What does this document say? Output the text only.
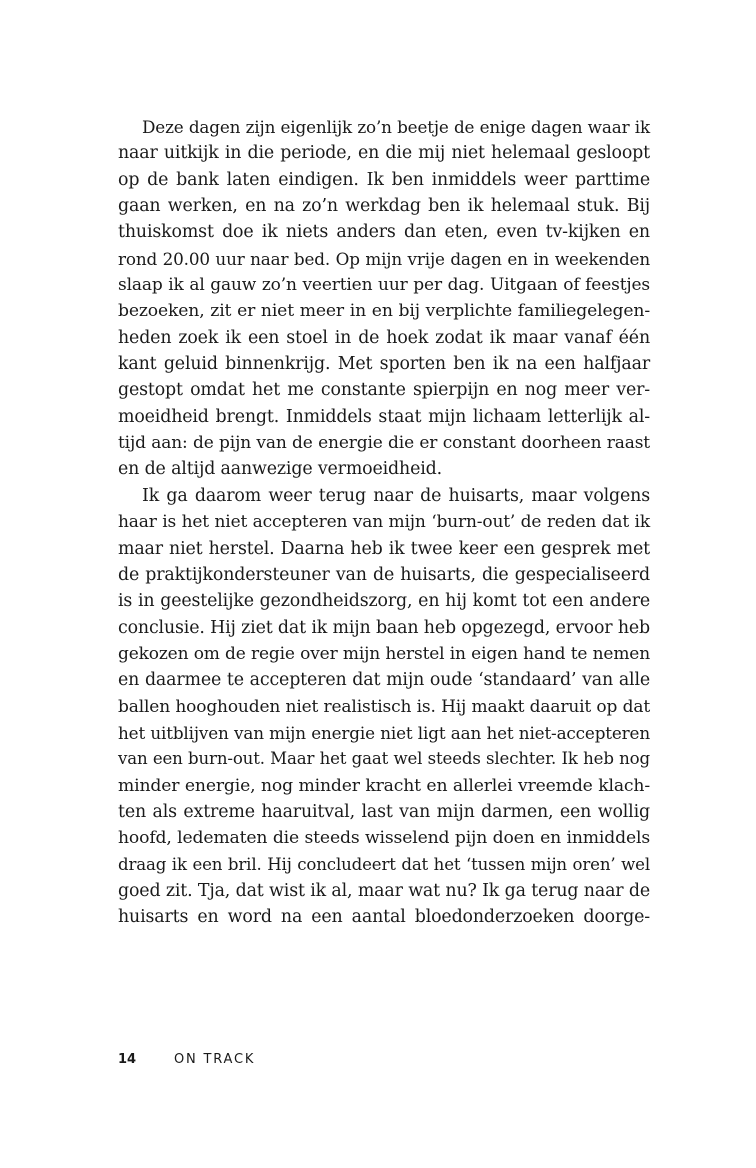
Deze dagen zijn eigenlijk zo’n beetje de enige dagen waar ik
naar uitkijk in die periode, en die mij niet helemaal gesloopt
op de bank laten eindigen. Ik ben inmiddels weer parttime
gaan werken, en na zo’n werkdag ben ik helemaal stuk. Bij
thuiskomst doe ik niets anders dan eten, even tv-kijken en
rond 20.00 uur naar bed. Op mijn vrije dagen en in weekenden
slaap ik al gauw zo’n veertien uur per dag. Uitgaan of feestjes
bezoeken, zit er niet meer in en bij verplichte familiegelegen-
heden zoek ik een stoel in de hoek zodat ik maar vanaf één
kant geluid binnenkrijg. Met sporten ben ik na een halfjaar
gestopt omdat het me constante spierpijn en nog meer ver-
moeidheid brengt. Inmiddels staat mijn lichaam letterlijk al-
tijd aan: de pijn van de energie die er constant doorheen raast
en de altijd aanwezige vermoeidheid.
Ik ga daarom weer terug naar de huisarts, maar volgens
haar is het niet accepteren van mijn ‘burn-out’ de reden dat ik
maar niet herstel. Daarna heb ik twee keer een gesprek met
de praktijkondersteuner van de huisarts, die gespecialiseerd
is in geestelijke gezondheidszorg, en hij komt tot een andere
conclusie. Hij ziet dat ik mijn baan heb opgezegd, ervoor heb
gekozen om de regie over mijn herstel in eigen hand te nemen
en daarmee te accepteren dat mijn oude ‘standaard’ van alle
ballen hooghouden niet realistisch is. Hij maakt daaruit op dat
het uitblijven van mijn energie niet ligt aan het niet-accepteren
van een burn-out. Maar het gaat wel steeds slechter. Ik heb nog
minder energie, nog minder kracht en allerlei vreemde klach-
ten als extreme haaruitval, last van mijn darmen, een wollig
hoofd, ledematen die steeds wisselend pijn doen en inmiddels
draag ik een bril. Hij concludeert dat het ‘tussen mijn oren’ wel
goed zit. Tja, dat wist ik al, maar wat nu? Ik ga terug naar de
huisarts en word na een aantal bloedonderzoeken doorge-
14	ON TRACK
